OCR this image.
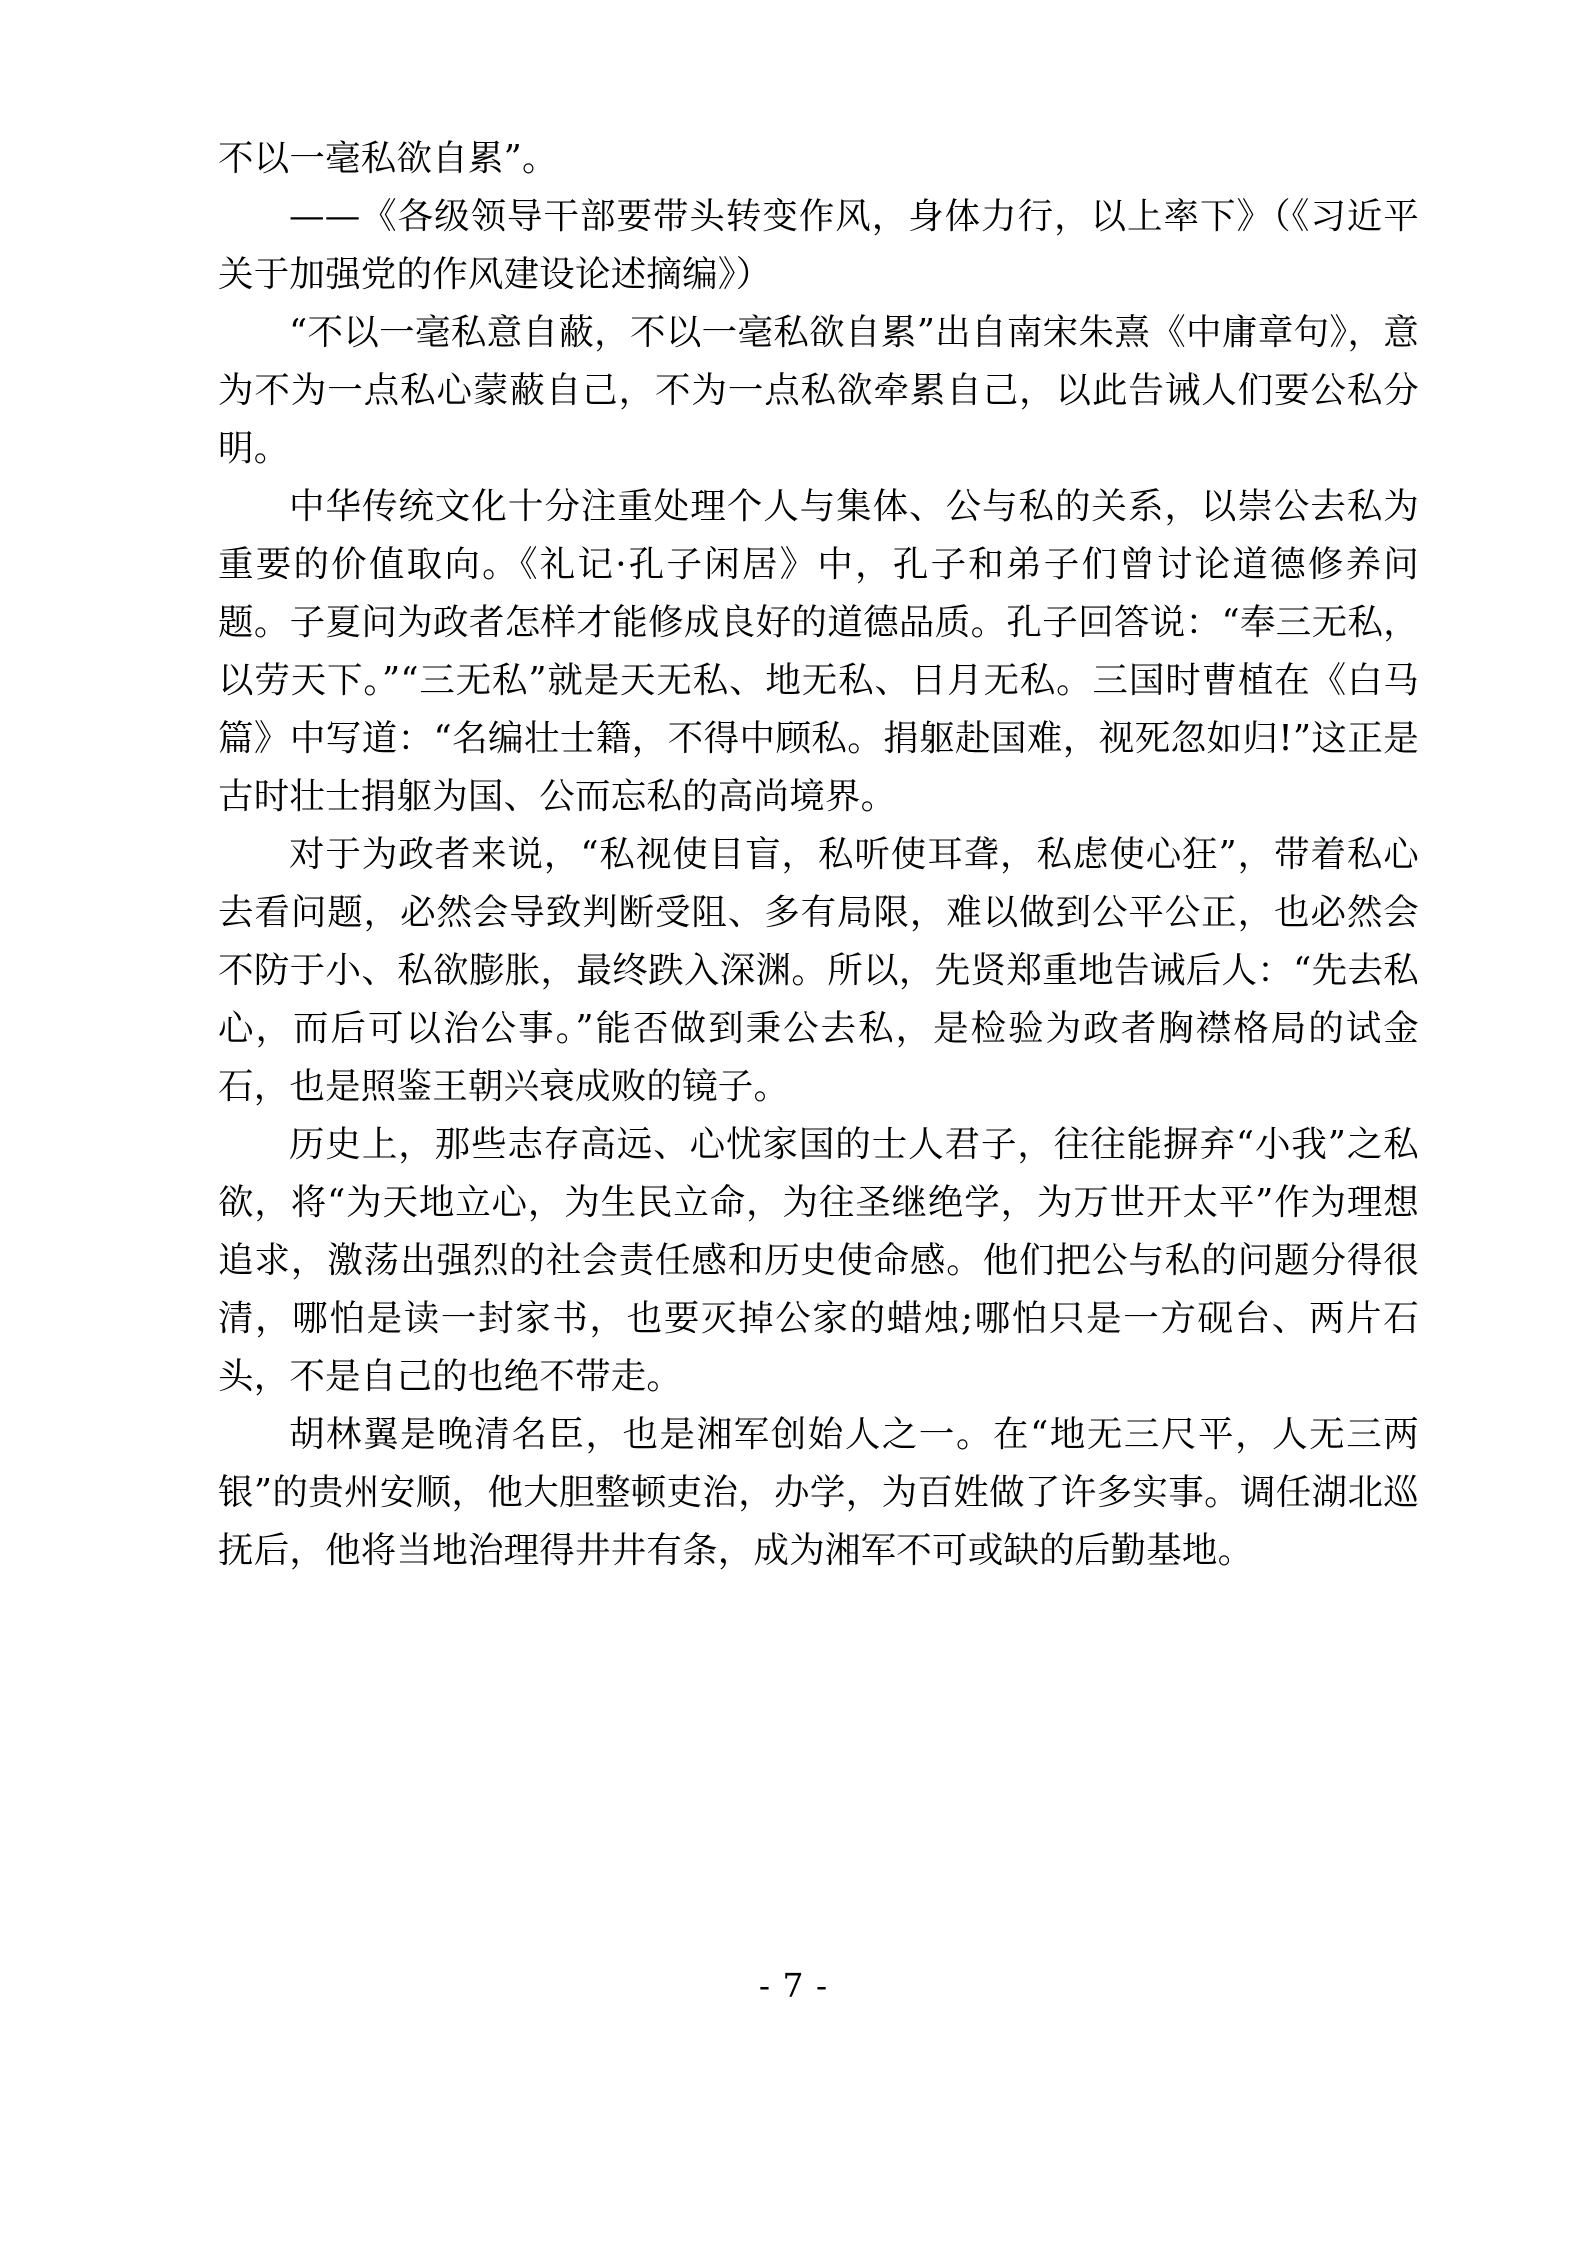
不以一毫私欲自累”。

——《各级领导干部要带头转变作风，身体力行，以上率下》（《习近平关于加强党的作风建设论述摘编》）

“不以一毫私意自蔽，不以一毫私欲自累”出自南宋朱熹《中庸章句》，意为不为一点私心蒙蔽自己，不为一点私欲牵累自己，以此告诫人们要公私分明。

中华传统文化十分注重处理个人与集体、公与私的关系，以崇公去私为重要的价值取向。《礼记·孔子闲居》中，孔子和弟子们曾讨论道德修养问题。子夏问为政者怎样才能修成良好的道德品质。孔子回答说：“奉三无私，以劳天下。”“三无私”就是天无私、地无私、日月无私。三国时曹植在《白马篇》中写道：“名编壮士籍，不得中顾私。捐躯赴国难，视死忽如归!”这正是古时壮士捐躯为国、公而忘私的高尚境界。

对于为政者来说，“私视使目盲，私听使耳聋，私虑使心狂”，带着私心去看问题，必然会导致判断受阻、多有局限，难以做到公平公正，也必然会不防于小、私欲膨胀，最终跌入深渊。所以，先贤郑重地告诫后人：“先去私心，而后可以治公事。”能否做到秉公去私，是检验为政者胸襟格局的试金石，也是照鉴王朝兴衰成败的镜子。

历史上，那些志存高远、心忧家国的士人君子，往往能摒弃“小我”之私欲，将“为天地立心，为生民立命，为往圣继绝学，为万世开太平”作为理想追求，激荡出强烈的社会责任感和历史使命感。他们把公与私的问题分得很清，哪怕是读一封家书，也要灭掉公家的蜡烛;哪怕只是一方砚台、两片石头，不是自己的也绝不带走。

胡林翼是晚清名臣，也是湘军创始人之一。在“地无三尺平，人无三两银”的贵州安顺，他大胆整顿吏治，办学，为百姓做了许多实事。调任湖北巡抚后，他将当地治理得井井有条，成为湘军不可或缺的后勤基地。

- 7 -
